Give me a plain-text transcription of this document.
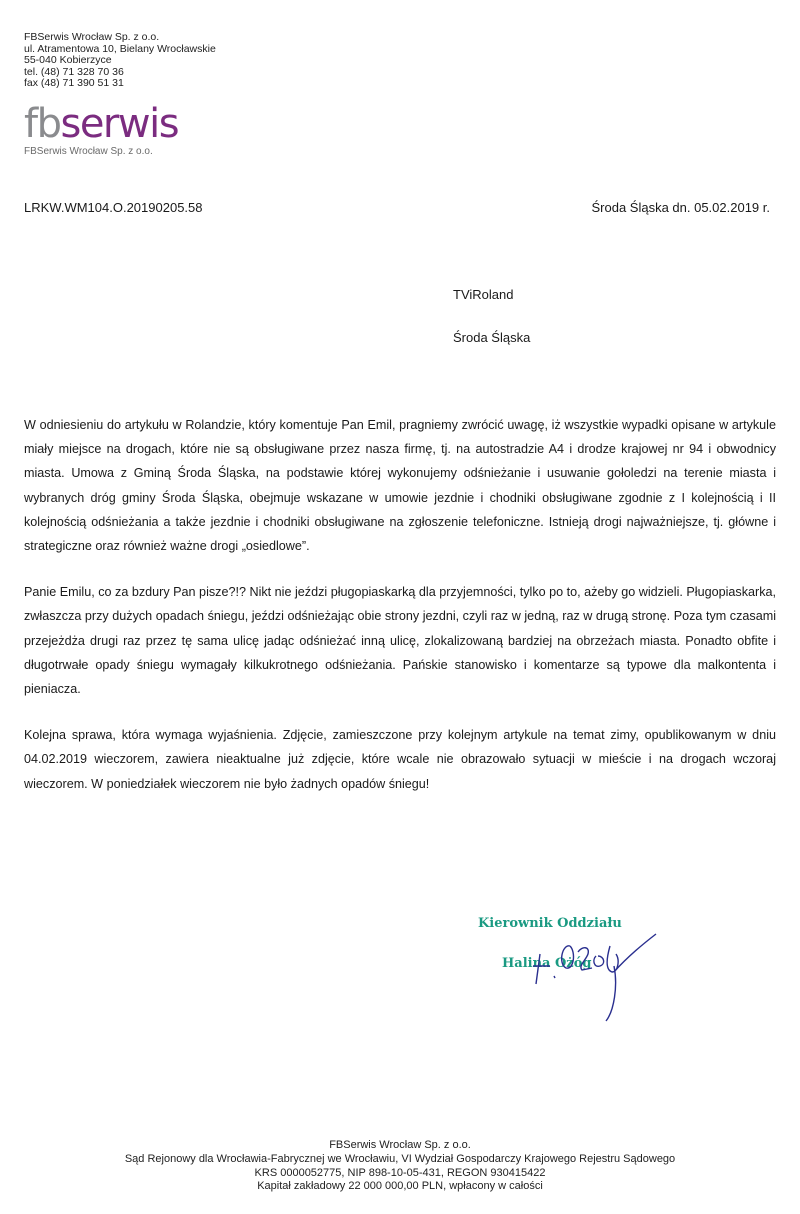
FBSerwis Wrocław Sp. z o.o.
ul. Atramentowa 10, Bielany Wrocławskie
55-040 Kobierzyce
tel. (48) 71 328 70 36
fax (48) 71 390 51 31
fbserwis
FBSerwis Wrocław Sp. z o.o.
LRKW.WM104.O.20190205.58	Środa Śląska dn. 05.02.2019 r.
TViRoland
Środa Śląska

W odniesieniu do artykułu w Rolandzie, który komentuje Pan Emil, pragniemy zwrócić uwagę, iż wszystkie wypadki opisane w artykule miały miejsce na drogach, które nie są obsługiwane przez nasza firmę, tj. na autostradzie A4 i drodze krajowej nr 94 i obwodnicy miasta. Umowa z Gminą Środa Śląska, na podstawie której wykonujemy odśnieżanie i usuwanie gołoledzi na terenie miasta i wybranych dróg gminy Środa Śląska, obejmuje wskazane w umowie jezdnie i chodniki obsługiwane zgodnie z I kolejnością i II kolejnością odśnieżania a także jezdnie i chodniki obsługiwane na zgłoszenie telefoniczne. Istnieją drogi najważniejsze, tj. główne i strategiczne oraz również ważne drogi „osiedlowe”.

Panie Emilu, co za bzdury Pan pisze?!? Nikt nie jeździ pługopiaskarką dla przyjemności, tylko po to, ażeby go widzieli. Pługopiaskarka, zwłaszcza przy dużych opadach śniegu, jeździ odśnieżając obie strony jezdni, czyli raz w jedną, raz w drugą stronę. Poza tym czasami przejeżdża drugi raz przez tę sama ulicę jadąc odśnieżać inną ulicę, zlokalizowaną bardziej na obrzeżach miasta. Ponadto obfite i długotrwałe opady śniegu wymagały kilkukrotnego odśnieżania. Pańskie stanowisko i komentarze są typowe dla malkontenta i pieniacza.

Kolejna sprawa, która wymaga wyjaśnienia. Zdjęcie, zamieszczone przy kolejnym artykule na temat zimy, opublikowanym w dniu 04.02.2019 wieczorem, zawiera nieaktualne już zdjęcie, które wcale nie obrazowało sytuacji w mieście i na drogach wczoraj wieczorem. W poniedziałek wieczorem nie było żadnych opadów śniegu!

Kierownik Oddziału
Halina Ożóg
FBSerwis Wrocław Sp. z o.o.
Sąd Rejonowy dla Wrocławia-Fabrycznej we Wrocławiu, VI Wydział Gospodarczy Krajowego Rejestru Sądowego
KRS 0000052775, NIP 898-10-05-431, REGON 930415422
Kapitał zakładowy 22 000 000,00 PLN, wpłacony w całości
